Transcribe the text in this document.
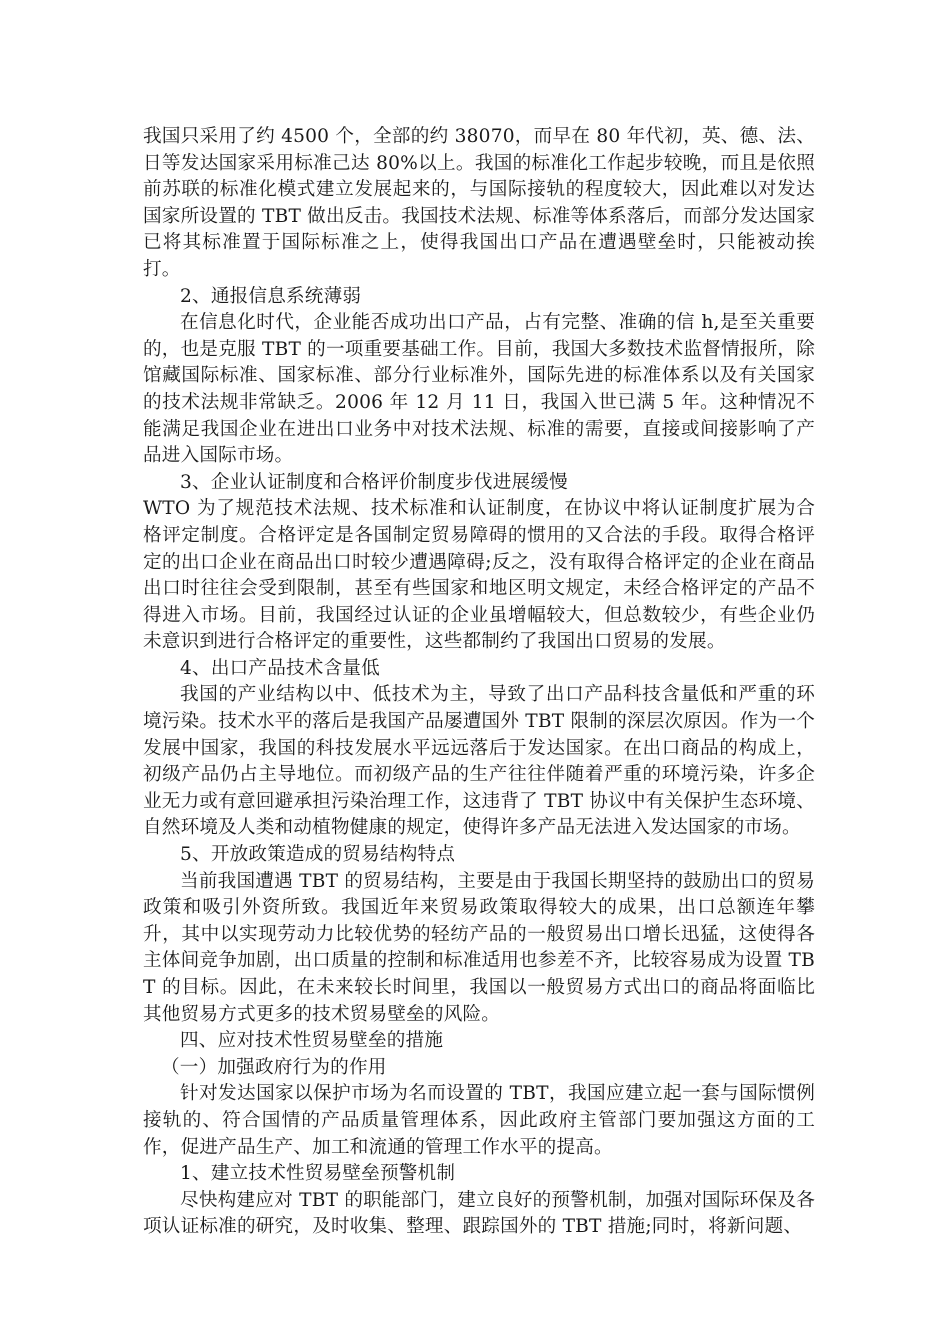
我国只采用了约 4500 个，全部的约 38070，而早在 80 年代初，英、德、法、日等发达国家采用标准己达 80%以上。我国的标准化工作起步较晚，而且是依照前苏联的标准化模式建立发展起来的，与国际接轨的程度较大，因此难以对发达国家所设置的 TBT 做出反击。我国技术法规、标准等体系落后，而部分发达国家已将其标准置于国际标准之上，使得我国出口产品在遭遇壁垒时，只能被动挨打。

2、通报信息系统薄弱

在信息化时代，企业能否成功出口产品，占有完整、准确的信 h,是至关重要的，也是克服 TBT 的一项重要基础工作。目前，我国大多数技术监督情报所，除馆藏国际标准、国家标准、部分行业标准外，国际先进的标准体系以及有关国家的技术法规非常缺乏。2006 年 12 月 11 日，我国入世已满 5 年。这种情况不能满足我国企业在进出口业务中对技术法规、标准的需要，直接或间接影响了产品进入国际市场。

3、企业认证制度和合格评价制度步伐进展缓慢

WTO 为了规范技术法规、技术标准和认证制度，在协议中将认证制度扩展为合格评定制度。合格评定是各国制定贸易障碍的惯用的又合法的手段。取得合格评定的出口企业在商品出口时较少遭遇障碍;反之，没有取得合格评定的企业在商品出口时往往会受到限制，甚至有些国家和地区明文规定，未经合格评定的产品不得进入市场。目前，我国经过认证的企业虽增幅较大，但总数较少，有些企业仍未意识到进行合格评定的重要性，这些都制约了我国出口贸易的发展。

4、出口产品技术含量低

我国的产业结构以中、低技术为主，导致了出口产品科技含量低和严重的环境污染。技术水平的落后是我国产品屡遭国外 TBT 限制的深层次原因。作为一个发展中国家，我国的科技发展水平远远落后于发达国家。在出口商品的构成上，初级产品仍占主导地位。而初级产品的生产往往伴随着严重的环境污染，许多企业无力或有意回避承担污染治理工作，这违背了 TBT 协议中有关保护生态环境、自然环境及人类和动植物健康的规定，使得许多产品无法进入发达国家的市场。

5、开放政策造成的贸易结构特点

当前我国遭遇 TBT 的贸易结构，主要是由于我国长期坚持的鼓励出口的贸易政策和吸引外资所致。我国近年来贸易政策取得较大的成果，出口总额连年攀升，其中以实现劳动力比较优势的轻纺产品的一般贸易出口增长迅猛，这使得各主体间竞争加剧，出口质量的控制和标准适用也参差不齐，比较容易成为设置 TBT 的目标。因此，在未来较长时间里，我国以一般贸易方式出口的商品将面临比其他贸易方式更多的技术贸易壁垒的风险。

四、应对技术性贸易壁垒的措施

（一）加强政府行为的作用

针对发达国家以保护市场为名而设置的 TBT，我国应建立起一套与国际惯例接轨的、符合国情的产品质量管理体系，因此政府主管部门要加强这方面的工作，促进产品生产、加工和流通的管理工作水平的提高。

1、建立技术性贸易壁垒预警机制

尽快构建应对 TBT 的职能部门，建立良好的预警机制，加强对国际环保及各项认证标准的研究，及时收集、整理、跟踪国外的 TBT 措施;同时，将新问题、
